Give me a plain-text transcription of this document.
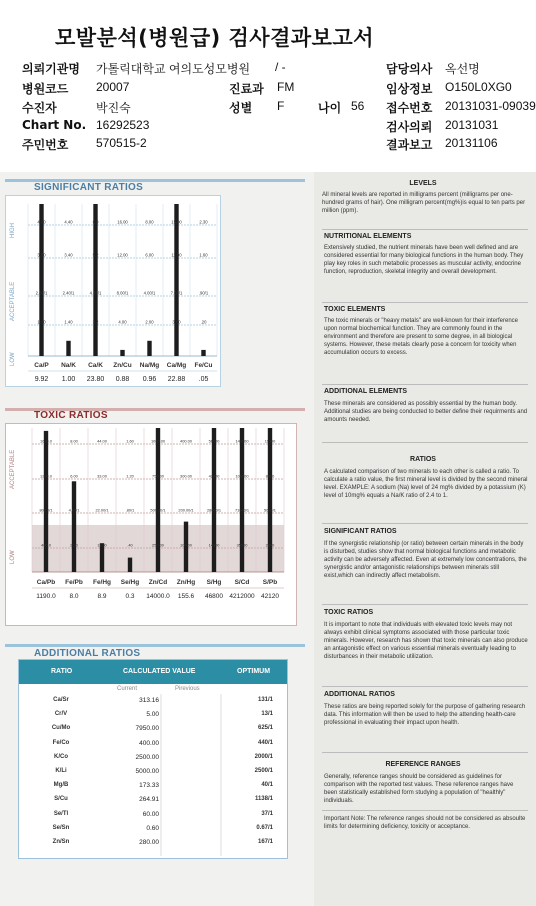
모발분석(병원급) 검사결과보고서
의뢰기관명 가톨릭대학교 여의도성모병원 / -	담당의사 옥선명
병원코드 20007	진료과 FM	임상정보 O150L0XG0
수진자	박진숙	성별 F	나이 56 접수번호 20131031-09039
Chart No. 16292523	검사의뢰 20131031
주민번호 570515-2	결과보고 20131106
SIGNIFICANT RATIOS
HIGH
ACCEPTABLE
LOW
4.00
3.60
2.60/1
1.60
Ca/P
9.92
4.40
3.40
2.40/1
1.40
Na/K
1.00
6.0
5.2
4.35/1
3.2
Ca/K
23.80
16.00
12.00
8.00/1
4.00
Zn/Cu
0.88
8.00
6.00
4.00/1
2.00
Na/Mg
0.96
15.00
11.00
7.00/1
3.00
Ca/Mg
22.88
2.30
1.60
.90/1
.20
Fe/Cu
.05
TOXIC RATIOS
ACCEPTABLE
LOW
1600.0
1200.0
800.0/1
400.0
Ca/Pb
1190.0
8.00
6.00
4.00/1
2.00
Fe/Pb
8.0
44.00
33.00
22.00/1
11.00
Fe/Hg
8.9
1.60
1.20
.80/1
.40
Se/Hg
0.3
1000.00
750.00
500.00/1
250.00
Zn/Cd
14000.0
400.00
300.00
200.00/1
100.00
Zn/Hg
155.6
56000
42000
28000/1
14000
S/Hg
46800
142000
106000
71000/1
35000
S/Cd
4212000
11300
8500
5600/1
2800
S/Pb
42120
ADDITIONAL RATIOS
RATIO	CALCULATED VALUE	OPTIMUM
Current	Pirevious
Ca/Sr	313.16	131/1
Cr/V	5.00	13/1
Cu/Mo	7950.00	625/1
Fe/Co	400.00	440/1
K/Co	2500.00	2000/1
K/Li	5000.00	2500/1
Mg/B	173.33	40/1
S/Cu	264.91	1138/1
Se/Tl	60.00	37/1
Se/Sn	0.60	0.67/1
Zn/Sn	280.00	167/1
LEVELS
All mineral levels are reported in milligrams percent (milligrams per one-hundred grams of hair). One milligram percent(mg%)is equal to ten parts per million (ppm).
NUTRITIONAL ELEMENTS
Extensively studied, the nutrient minerals have been well defined and are considered essential for many biological functions in the human body. They play key roles in such metabolic processes as muscular activity, endocrine function, reproduction, skeletal integrity and overall development.
TOXIC ELEMENTS
The toxic minerals or "heavy metals" are well-known for their interference upon normal biochemical function. They are commonly found in the environment and therefore are present to some degree, in all biological systems. However, these metals clearly pose a concern for toxicity when accumulation occurs to excess.
ADDITIONAL ELEMENTS
These minerals are considered as possibly essential by the human body. Additional studies are being conducted to better define their requirments and amounts needed.
RATIOS
A calculated comparison of two minerals to each other is called a ratio. To calculate a ratio value, the first mineral level is divided by the second mineral level. EXAMPLE: A sodium (Na) level of 24 mg% divided by a potassium (K) level of 10mg% equals a Na/K ratio of 2.4 to 1.
SIGNIFICANT RATIOS
If the synergistic relationship (or ratio) between certain minerals in the body is disturbed, studies show that normal biological functions and metabolic activity can be adversely affected. Even at extremely low concentrations, the synergistic and/or antagonistic relationships between minerals still exist,which can indirectly affect metabolism.
TOXIC RATIOS
It is important to note that individuals with elevated toxic levels may not always exhibit clinical symptoms associated with those particular toxic minerals. However, research has shown that toxic minerals can also produce an antagonistic effect on various essential minerals eventually leading to disturbances in their metabolic utilization.
ADDITIONAL RATIOS
These ratios are being reported solely for the purpose of gathering research data. This information will then be used to help the attending health-care professional in evaluating their impact upon health.
REFERENCE RANGES
Generally, reference ranges should be considered as guidelines for comparison with the reported test values. These reference ranges have been statistically established form studying a population of "healthly" individuals.
Important Note: The reference ranges should not be considered as absoulte limits for determining deficiency, toxicity or acceptance.
